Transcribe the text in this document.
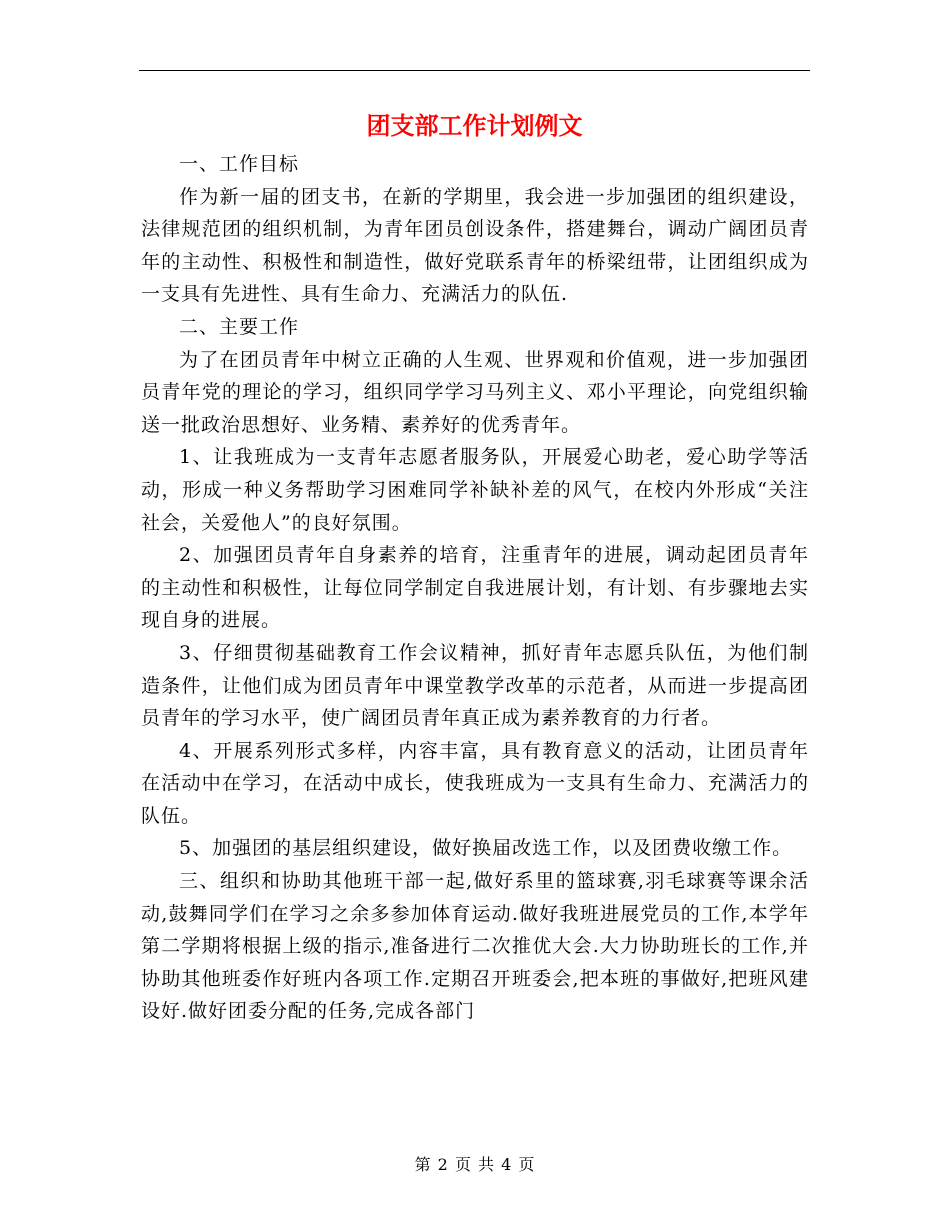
团支部工作计划例文

一、工作目标

作为新一届的团支书，在新的学期里，我会进一步加强团的组织建设，法律规范团的组织机制，为青年团员创设条件，搭建舞台，调动广阔团员青年的主动性、积极性和制造性，做好党联系青年的桥梁纽带，让团组织成为一支具有先进性、具有生命力、充满活力的队伍.

二、主要工作

为了在团员青年中树立正确的人生观、世界观和价值观，进一步加强团员青年党的理论的学习，组织同学学习马列主义、邓小平理论，向党组织输送一批政治思想好、业务精、素养好的优秀青年。

1、让我班成为一支青年志愿者服务队，开展爱心助老，爱心助学等活动，形成一种义务帮助学习困难同学补缺补差的风气，在校内外形成“关注社会，关爱他人”的良好氛围。

2、加强团员青年自身素养的培育，注重青年的进展，调动起团员青年的主动性和积极性，让每位同学制定自我进展计划，有计划、有步骤地去实现自身的进展。

3、仔细贯彻基础教育工作会议精神，抓好青年志愿兵队伍，为他们制造条件，让他们成为团员青年中课堂教学改革的示范者，从而进一步提高团员青年的学习水平，使广阔团员青年真正成为素养教育的力行者。

4、开展系列形式多样，内容丰富，具有教育意义的活动，让团员青年在活动中在学习，在活动中成长，使我班成为一支具有生命力、充满活力的队伍。

5、加强团的基层组织建设，做好换届改选工作，以及团费收缴工作。

三、组织和协助其他班干部一起,做好系里的篮球赛,羽毛球赛等课余活动,鼓舞同学们在学习之余多参加体育运动.做好我班进展党员的工作,本学年第二学期将根据上级的指示,准备进行二次推优大会.大力协助班长的工作,并协助其他班委作好班内各项工作.定期召开班委会,把本班的事做好,把班风建设好.做好团委分配的任务,完成各部门

第 2 页 共 4 页
